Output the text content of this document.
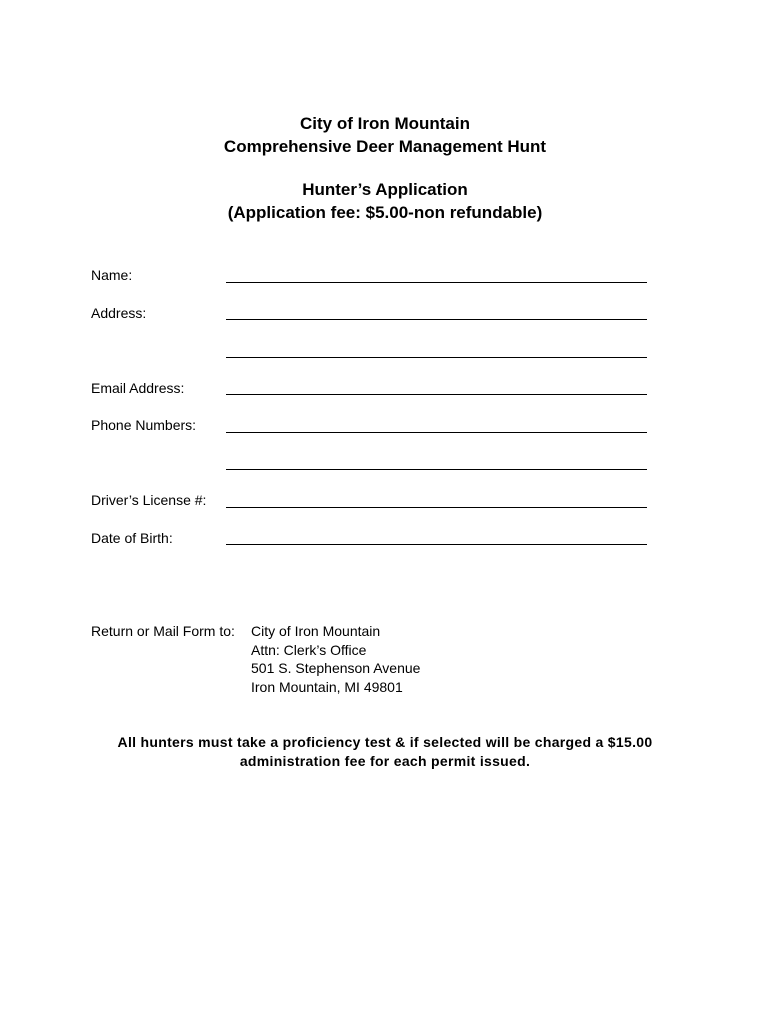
City of Iron Mountain
Comprehensive Deer Management Hunt
Hunter’s Application
(Application fee: $5.00-non refundable)
Name:
Address:
Email Address:
Phone Numbers:
Driver’s License #:
Date of Birth:
Return or Mail Form to: City of Iron Mountain
Attn: Clerk’s Office
501 S. Stephenson Avenue
Iron Mountain, MI 49801
All hunters must take a proficiency test & if selected will be charged a $15.00
administration fee for each permit issued.
